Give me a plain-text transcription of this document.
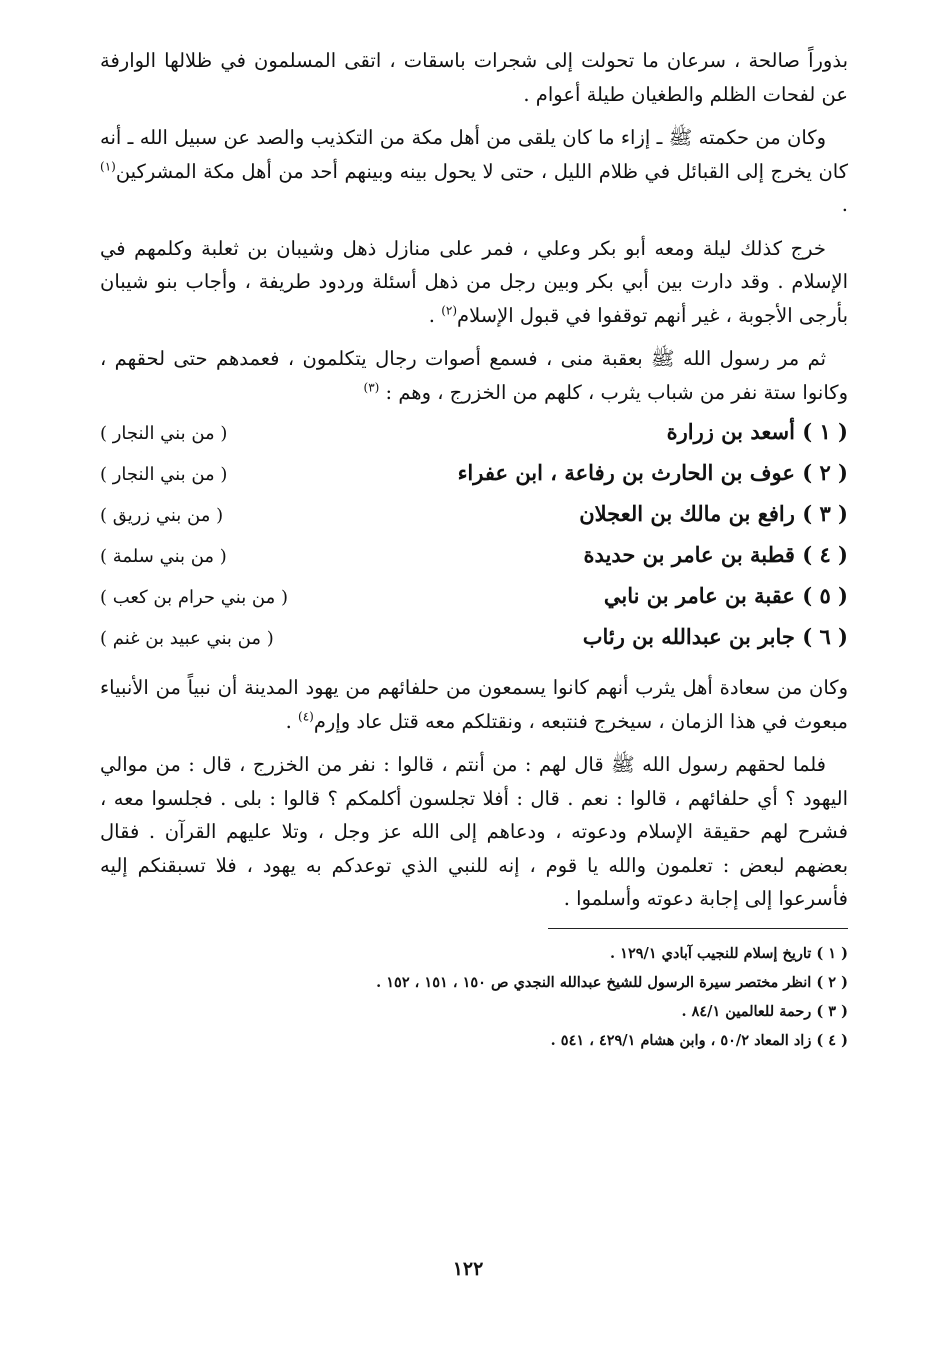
بذوراً صالحة ، سرعان ما تحولت إلى شجرات باسقات ، اتقى المسلمون في ظلالها الوارفة عن لفحات الظلم والطغيان طيلة أعوام .

وكان من حكمته ﷺ ـ إزاء ما كان يلقى من أهل مكة من التكذيب والصد عن سبيل الله ـ أنه كان يخرج إلى القبائل في ظلام الليل ، حتى لا يحول بينه وبينهم أحد من أهل مكة المشركين$^{(١)}$ .

خرج كذلك ليلة ومعه أبو بكر وعلي ، فمر على منازل ذهل وشيبان بن ثعلبة وكلمهم في الإسلام . وقد دارت بين أبي بكر وبين رجل من ذهل أسئلة وردود طريفة ، وأجاب بنو شيبان بأرجى الأجوبة ، غير أنهم توقفوا في قبول الإسلام$^{(٢)}$ .

ثم مر رسول الله ﷺ بعقبة منى ، فسمع أصوات رجال يتكلمون ، فعمدهم حتى لحقهم ، وكانوا ستة نفر من شباب يثرب ، كلهم من الخزرج ، وهم : $^{(٣)}$

( ١ ) أسعد بن زرارة
( من بني النجار )
( ٢ ) عوف بن الحارث بن رفاعة ، ابن عفراء
( من بني النجار )
( ٣ ) رافع بن مالك بن العجلان
( من بني زريق )
( ٤ ) قطبة بن عامر بن حديدة
( من بني سلمة )
( ٥ ) عقبة بن عامر بن نابي
( من بني حرام بن كعب )
( ٦ ) جابر بن عبدالله بن رئاب
( من بني عبيد بن غنم )

وكان من سعادة أهل يثرب أنهم كانوا يسمعون من حلفائهم من يهود المدينة أن نبياً من الأنبياء مبعوث في هذا الزمان ، سيخرج فنتبعه ، ونقتلكم معه قتل عاد وإرم$^{(٤)}$ .

فلما لحقهم رسول الله ﷺ قال لهم : من أنتم ، قالوا : نفر من الخزرج ، قال : من موالي اليهود ؟ أي حلفائهم ، قالوا : نعم . قال : أفلا تجلسون أكلمكم ؟ قالوا : بلى . فجلسوا معه ، فشرح لهم حقيقة الإسلام ودعوته ، ودعاهم إلى الله عز وجل ، وتلا عليهم القرآن . فقال بعضهم لبعض : تعلمون والله يا قوم ، إنه للنبي الذي توعدكم به يهود ، فلا تسبقنكم إليه فأسرعوا إلى إجابة دعوته وأسلموا .

( ١ ) تاريخ إسلام للنجيب آبادي ١٢٩/١ .
( ٢ ) انظر مختصر سيرة الرسول للشيخ عبدالله النجدي ص ١٥٠ ، ١٥١ ، ١٥٢ .
( ٣ ) رحمة للعالمين ٨٤/١ .
( ٤ ) زاد المعاد ٥٠/٢ ، وابن هشام ٤٢٩/١ ، ٥٤١ .
١٢٢
